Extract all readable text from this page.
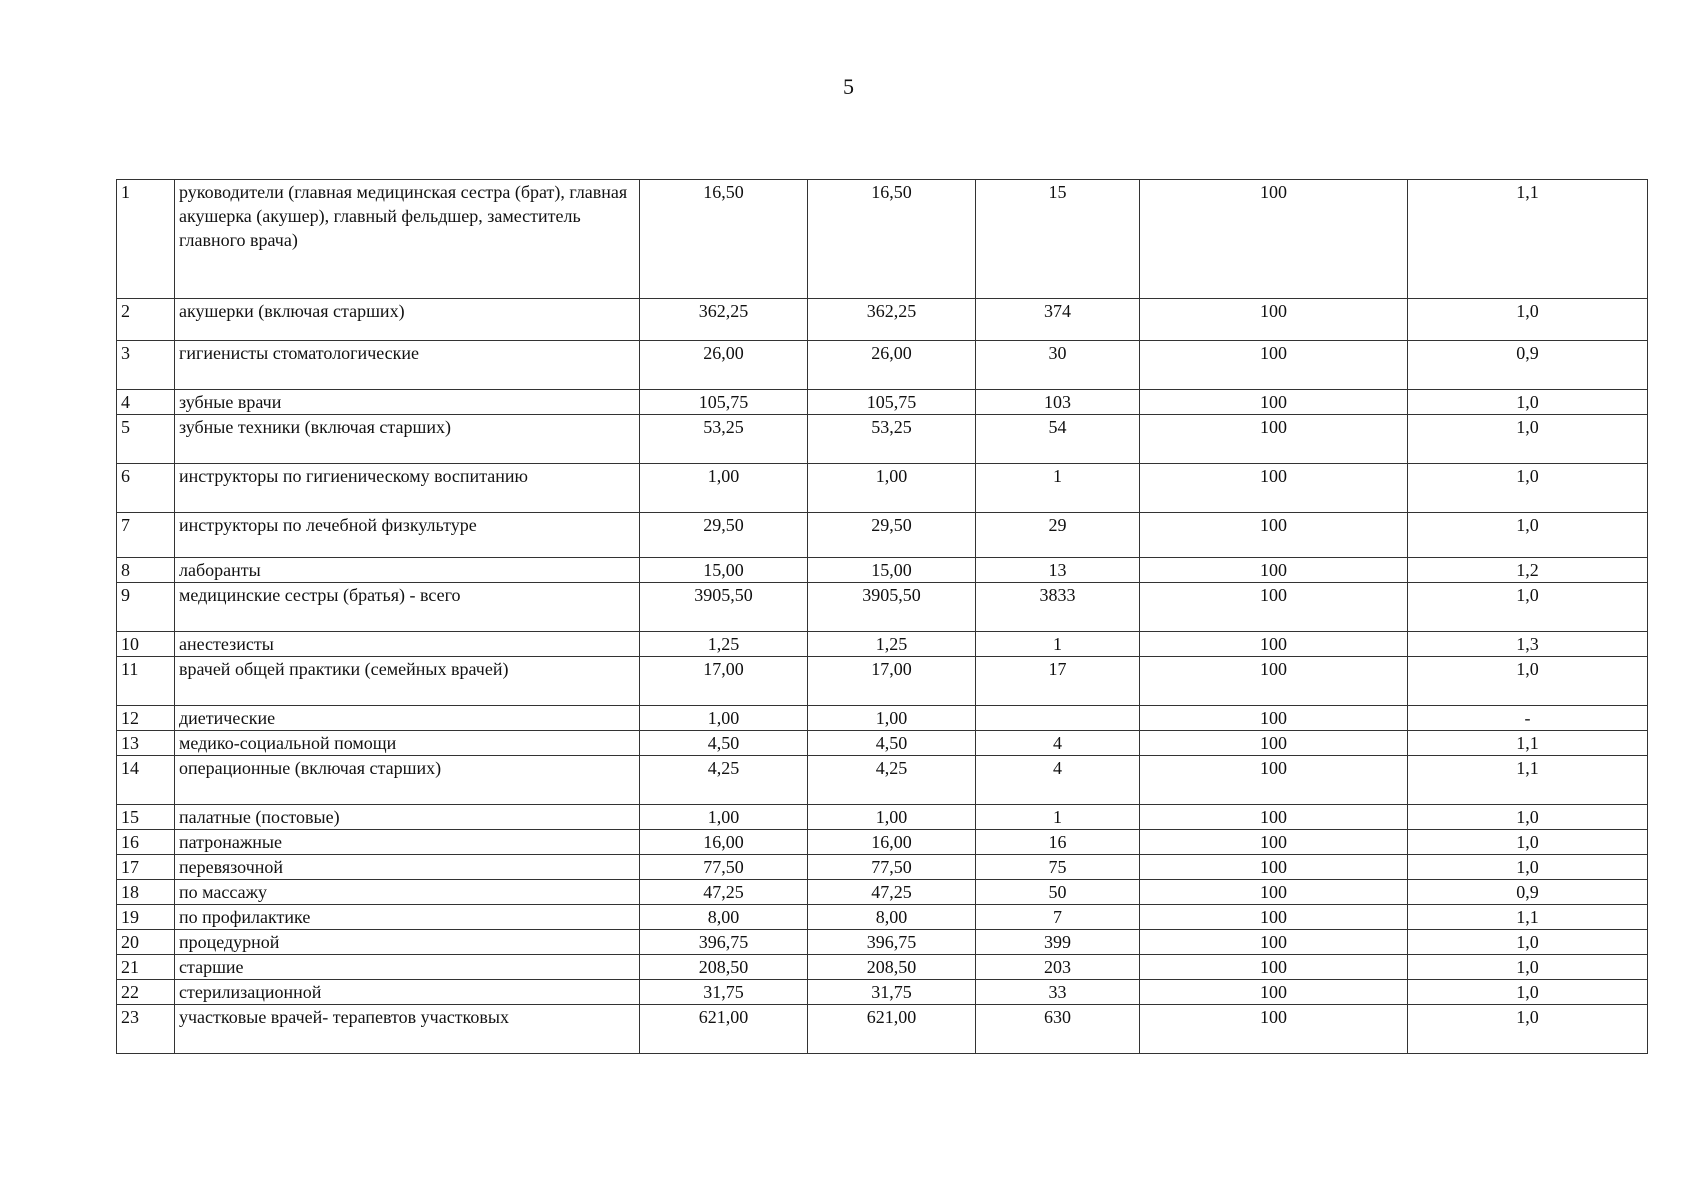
5
1	руководители (главная медицинская сестра (брат), главная акушерка (акушер), главный фельдшер, заместитель главного врача)	16,50	16,50	15	100	1,1
2	акушерки (включая старших)	362,25	362,25	374	100	1,0
3	гигиенисты стоматологические	26,00	26,00	30	100	0,9
4	зубные врачи	105,75	105,75	103	100	1,0
5	зубные техники (включая старших)	53,25	53,25	54	100	1,0
6	инструкторы по гигиеническому воспитанию	1,00	1,00	1	100	1,0
7	инструкторы по лечебной физкультуре	29,50	29,50	29	100	1,0
8	лаборанты	15,00	15,00	13	100	1,2
9	медицинские сестры (братья) - всего	3905,50	3905,50	3833	100	1,0
10	анестезисты	1,25	1,25	1	100	1,3
11	врачей общей практики (семейных врачей)	17,00	17,00	17	100	1,0
12	диетические	1,00	1,00		100	-
13	медико-социальной помощи	4,50	4,50	4	100	1,1
14	операционные (включая старших)	4,25	4,25	4	100	1,1
15	палатные (постовые)	1,00	1,00	1	100	1,0
16	патронажные	16,00	16,00	16	100	1,0
17	перевязочной	77,50	77,50	75	100	1,0
18	по массажу	47,25	47,25	50	100	0,9
19	по профилактике	8,00	8,00	7	100	1,1
20	процедурной	396,75	396,75	399	100	1,0
21	старшие	208,50	208,50	203	100	1,0
22	стерилизационной	31,75	31,75	33	100	1,0
23	участковые врачей- терапевтов участковых	621,00	621,00	630	100	1,0
